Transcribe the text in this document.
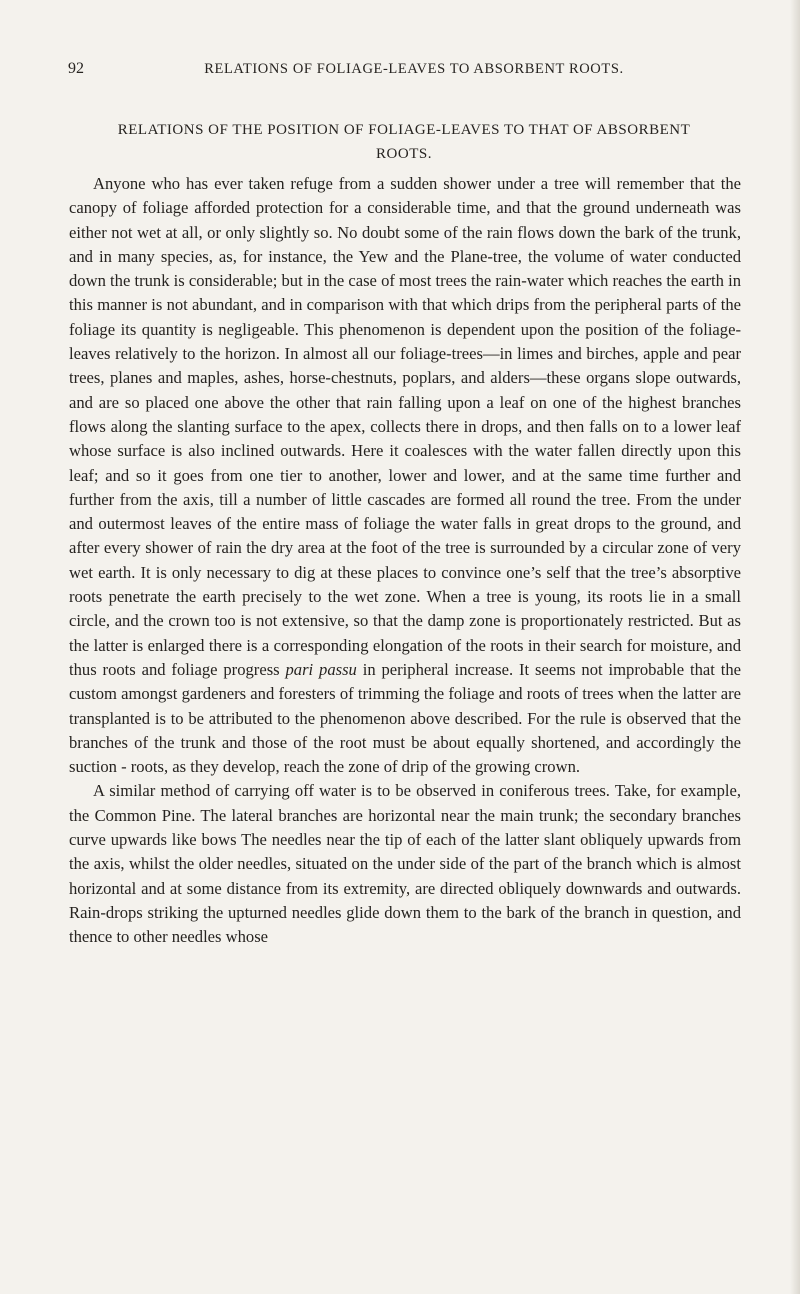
92	RELATIONS OF FOLIAGE-LEAVES TO ABSORBENT ROOTS.
RELATIONS OF THE POSITION OF FOLIAGE-LEAVES TO THAT OF ABSORBENT ROOTS.

Anyone who has ever taken refuge from a sudden shower under a tree will remember that the canopy of foliage afforded protection for a considerable time, and that the ground underneath was either not wet at all, or only slightly so. No doubt some of the rain flows down the bark of the trunk, and in many species, as, for instance, the Yew and the Plane-tree, the volume of water conducted down the trunk is considerable; but in the case of most trees the rain-water which reaches the earth in this manner is not abundant, and in comparison with that which drips from the peripheral parts of the foliage its quantity is negligeable. This phenomenon is dependent upon the position of the foliage-leaves relatively to the horizon. In almost all our foliage-trees—in limes and birches, apple and pear trees, planes and maples, ashes, horse-chestnuts, poplars, and alders—these organs slope outwards, and are so placed one above the other that rain falling upon a leaf on one of the highest branches flows along the slanting surface to the apex, collects there in drops, and then falls on to a lower leaf whose surface is also inclined outwards. Here it coalesces with the water fallen directly upon this leaf; and so it goes from one tier to another, lower and lower, and at the same time further and further from the axis, till a number of little cascades are formed all round the tree. From the under and outermost leaves of the entire mass of foliage the water falls in great drops to the ground, and after every shower of rain the dry area at the foot of the tree is surrounded by a circular zone of very wet earth. It is only necessary to dig at these places to convince one’s self that the tree’s absorptive roots penetrate the earth precisely to the wet zone. When a tree is young, its roots lie in a small circle, and the crown too is not extensive, so that the damp zone is proportionately restricted. But as the latter is enlarged there is a corresponding elongation of the roots in their search for moisture, and thus roots and foliage progress pari passu in peripheral increase. It seems not improbable that the custom amongst gardeners and foresters of trimming the foliage and roots of trees when the latter are transplanted is to be attributed to the phenomenon above described. For the rule is observed that the branches of the trunk and those of the root must be about equally shortened, and accordingly the suction - roots, as they develop, reach the zone of drip of the growing crown.

A similar method of carrying off water is to be observed in coniferous trees. Take, for example, the Common Pine. The lateral branches are horizontal near the main trunk; the secondary branches curve upwards like bows The needles near the tip of each of the latter slant obliquely upwards from the axis, whilst the older needles, situated on the under side of the part of the branch which is almost horizontal and at some distance from its extremity, are directed obliquely downwards and outwards. Rain-drops striking the upturned needles glide down them to the bark of the branch in question, and thence to other needles whose
